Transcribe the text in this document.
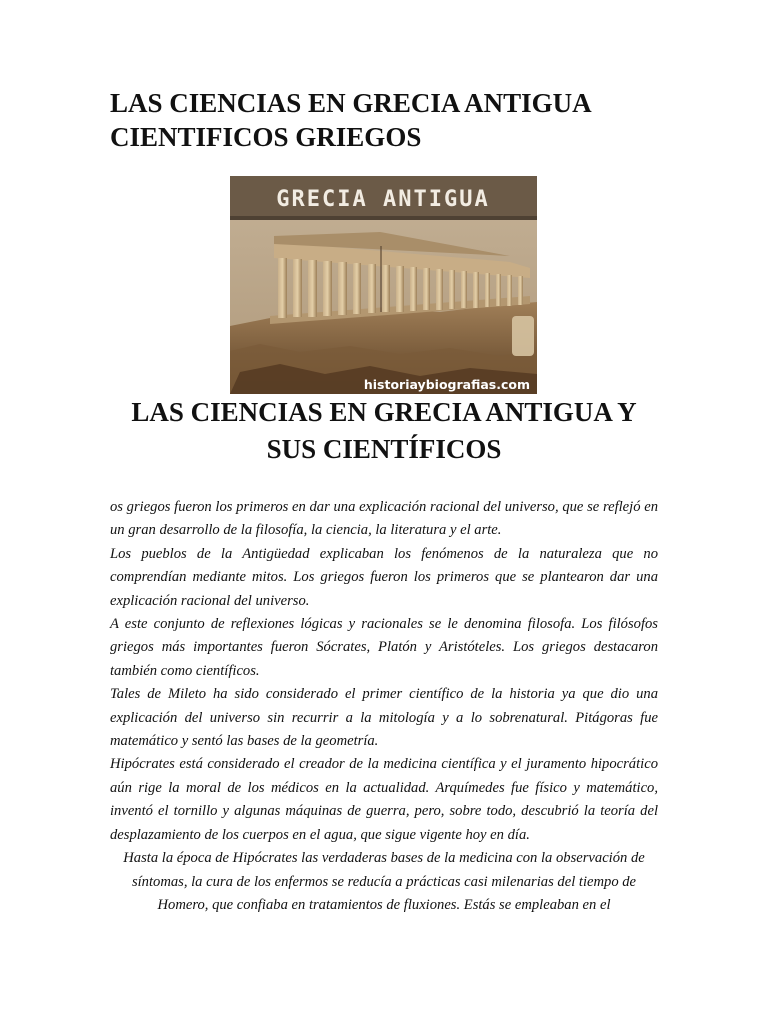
LAS CIENCIAS EN GRECIA ANTIGUA
CIENTIFICOS GRIEGOS
GRECIA ANTIGUA
historiaybiografias.com
LAS CIENCIAS EN GRECIA ANTIGUA Y
SUS CIENTÍFICOS

os griegos fueron los primeros en dar una explicación racional del universo, que se reflejó en un gran desarrollo de la filosofía, la ciencia, la literatura y el arte.

Los pueblos de la Antigüedad explicaban los fenómenos de la naturaleza que no comprendían mediante mitos. Los griegos fueron los primeros que se plantearon dar una explicación racional del universo.

A este conjunto de reflexiones lógicas y racionales se le denomina filosofa. Los filósofos griegos más importantes fueron Sócrates, Platón y Aristóteles. Los griegos destacaron también como científicos.

Tales de Mileto ha sido considerado el primer científico de la historia ya que dio una explicación del universo sin recurrir a la mitología y a lo sobrenatural. Pitágoras fue matemático y sentó las bases de la geometría.

Hipócrates está considerado el creador de la medicina científica y el juramento hipocrático aún rige la moral de los médicos en la actualidad. Arquímedes fue físico y matemático, inventó el tornillo y algunas máquinas de guerra, pero, sobre todo, descubrió la teoría del desplazamiento de los cuerpos en el agua, que sigue vigente hoy en día.

Hasta la época de Hipócrates las verdaderas bases de la medicina con la observación de síntomas, la cura de los enfermos se reducía a prácticas casi milenarias del tiempo de Homero, que confiaba en tratamientos de fluxiones. Estás se empleaban en el
